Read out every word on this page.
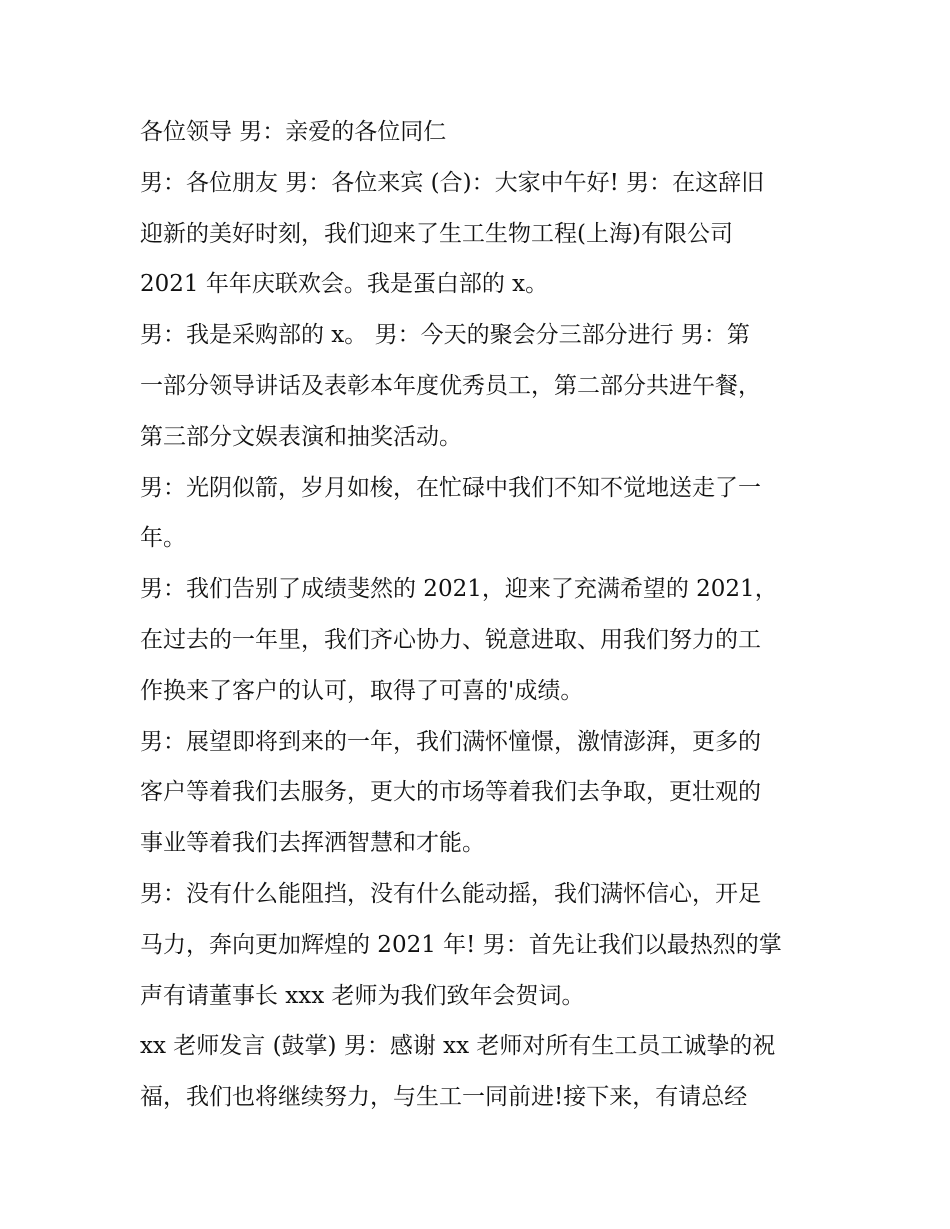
各位领导 男：亲爱的各位同仁
男：各位朋友 男：各位来宾 (合)：大家中午好! 男：在这辞旧
迎新的美好时刻，我们迎来了生工生物工程(上海)有限公司
2021 年年庆联欢会。我是蛋白部的 x。
男：我是采购部的 x。 男：今天的聚会分三部分进行 男：第
一部分领导讲话及表彰本年度优秀员工，第二部分共进午餐，
第三部分文娱表演和抽奖活动。
男：光阴似箭，岁月如梭，在忙碌中我们不知不觉地送走了一
年。
男：我们告别了成绩斐然的 2021，迎来了充满希望的 2021，
在过去的一年里，我们齐心协力、锐意进取、用我们努力的工
作换来了客户的认可，取得了可喜的'成绩。
男：展望即将到来的一年，我们满怀憧憬，激情澎湃，更多的
客户等着我们去服务，更大的市场等着我们去争取，更壮观的
事业等着我们去挥洒智慧和才能。
男：没有什么能阻挡，没有什么能动摇，我们满怀信心，开足
马力，奔向更加辉煌的 2021 年! 男：首先让我们以最热烈的掌
声有请董事长 xxx 老师为我们致年会贺词。
xx 老师发言 (鼓掌) 男：感谢 xx 老师对所有生工员工诚挚的祝
福，我们也将继续努力，与生工一同前进!接下来，有请总经
